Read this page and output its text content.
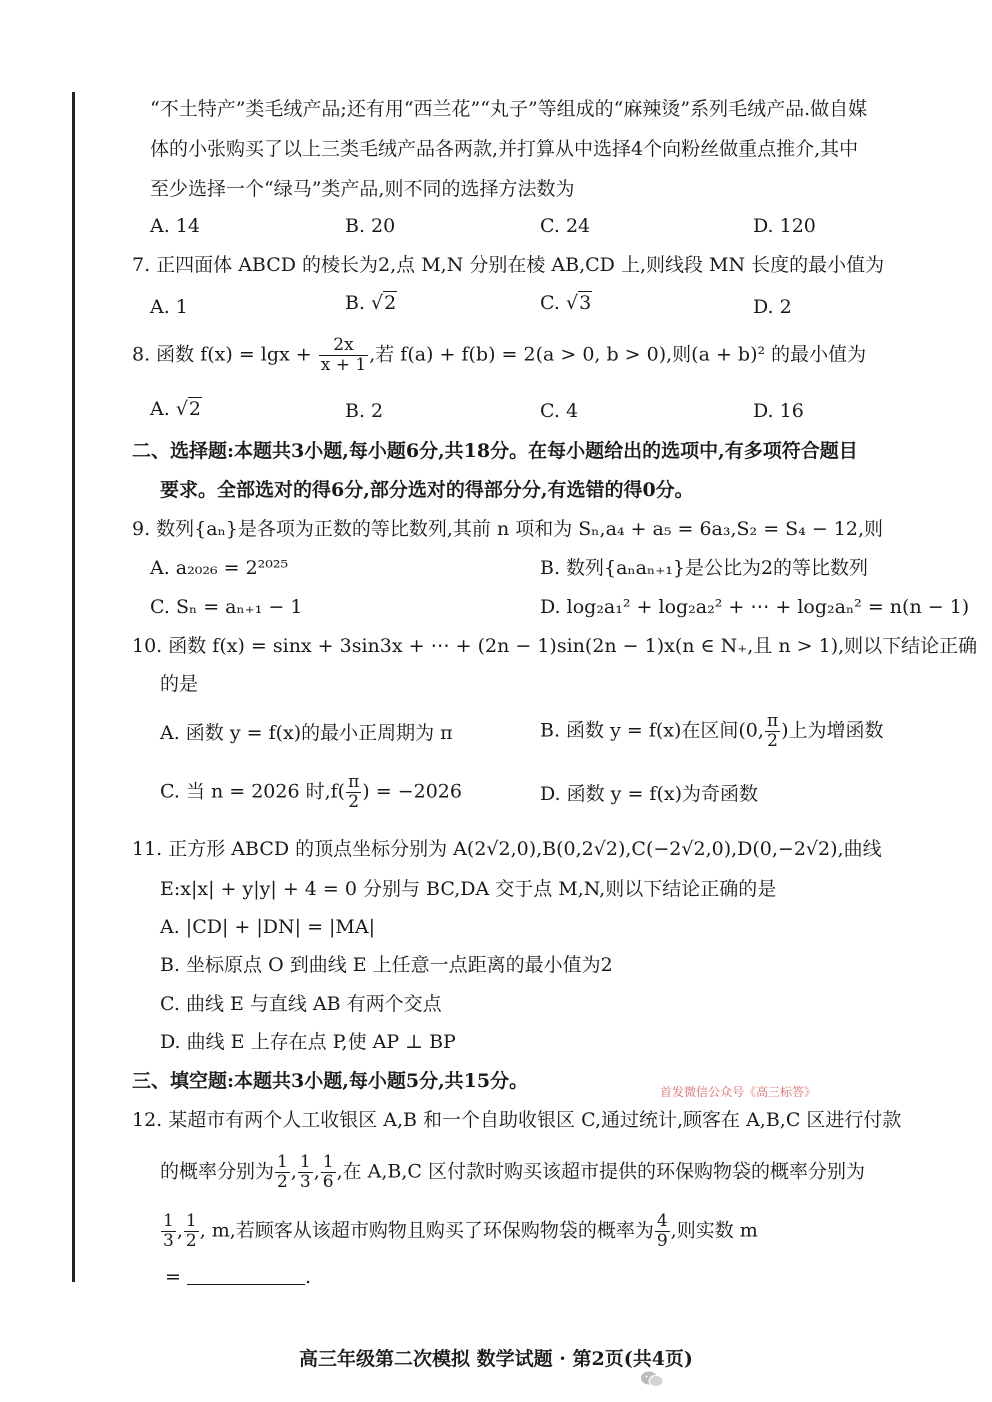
“不土特产”类毛绒产品;还有用“西兰花”“丸子”等组成的“麻辣烫”系列毛绒产品.做自媒
体的小张购买了以上三类毛绒产品各两款,并打算从中选择4个向粉丝做重点推介,其中
至少选择一个“绿马”类产品,则不同的选择方法数为
A. 14	B. 20	C. 24	D. 120
7. 正四面体 ABCD 的棱长为2,点 M,N 分别在棱 AB,CD 上,则线段 MN 长度的最小值为
A. 1	B. √2	C. √3	D. 2
8. 函数 $f(x) = \lg x + \frac{2x}{x + 1}$ ,若 f(a) + f(b) = 2(a > 0, b > 0),则(a + b)² 的最小值为
A. √2	B. 2	C. 4	D. 16
二、选择题:本题共3小题,每小题6分,共18分。在每小题给出的选项中,有多项符合题目
要求。全部选对的得6分,部分选对的得部分分,有选错的得0分。
9. 数列{aₙ}是各项为正数的等比数列,其前 n 项和为 Sₙ,a₄ + a₅ = 6a₃,S₂ = S₄ − 12,则
A. a₂₀₂₆ = 2²⁰²⁵	B. 数列{aₙaₙ₊₁}是公比为2的等比数列
C. Sₙ = aₙ₊₁ − 1	D. log₂a₁² + log₂a₂² + ⋯ + log₂aₙ² = n(n − 1)
10. 函数 f(x) = sinx + 3sin3x + ⋯ + (2n − 1)sin(2n − 1)x(n ∈ N₊,且 n > 1),则以下结论正确
的是
A. 函数 y = f(x)的最小正周期为 π	B. 函数 y = f(x)在区间(0, $\frac{\pi}{2}$ )上为增函数
C. 当 n = 2026 时$,f( \frac{\pi}{2}$ ) = −2026	D. 函数 y = f(x)为奇函数
11. 正方形 ABCD 的顶点坐标分别为 A(2√2,0),B(0,2√2),C(−2√2,0),D(0,−2√2),曲线
E:x|x| + y|y| + 4 = 0 分别与 BC,DA 交于点 M,N,则以下结论正确的是
A. |CD| + |DN| = |MA|
B. 坐标原点 O 到曲线 E 上任意一点距离的最小值为2
C. 曲线 E 与直线 AB 有两个交点
D. 曲线 E 上存在点 P,使 AP ⊥ BP
三、填空题:本题共3小题,每小题5分,共15分。	首发微信公众号《高三标答》
12. 某超市有两个人工收银区 A,B 和一个自助收银区 C,通过统计,顾客在 A,B,C 区进行付款
的概率分别为 $\frac{1}{2}$ , $\frac{1}{3}$ , $\frac{1}{6}$ ,在 A,B,C 区付款时购买该超市提供的环保购物袋的概率分别为
$\frac{1}{3}$ , $\frac{1}{2}$ , m,若顾客从该超市购物且购买了环保购物袋的概率为 $\frac{4}{9}$ ,则实数 m
=	.
高三年级第二次模拟 数学试题 · 第2页(共4页)
